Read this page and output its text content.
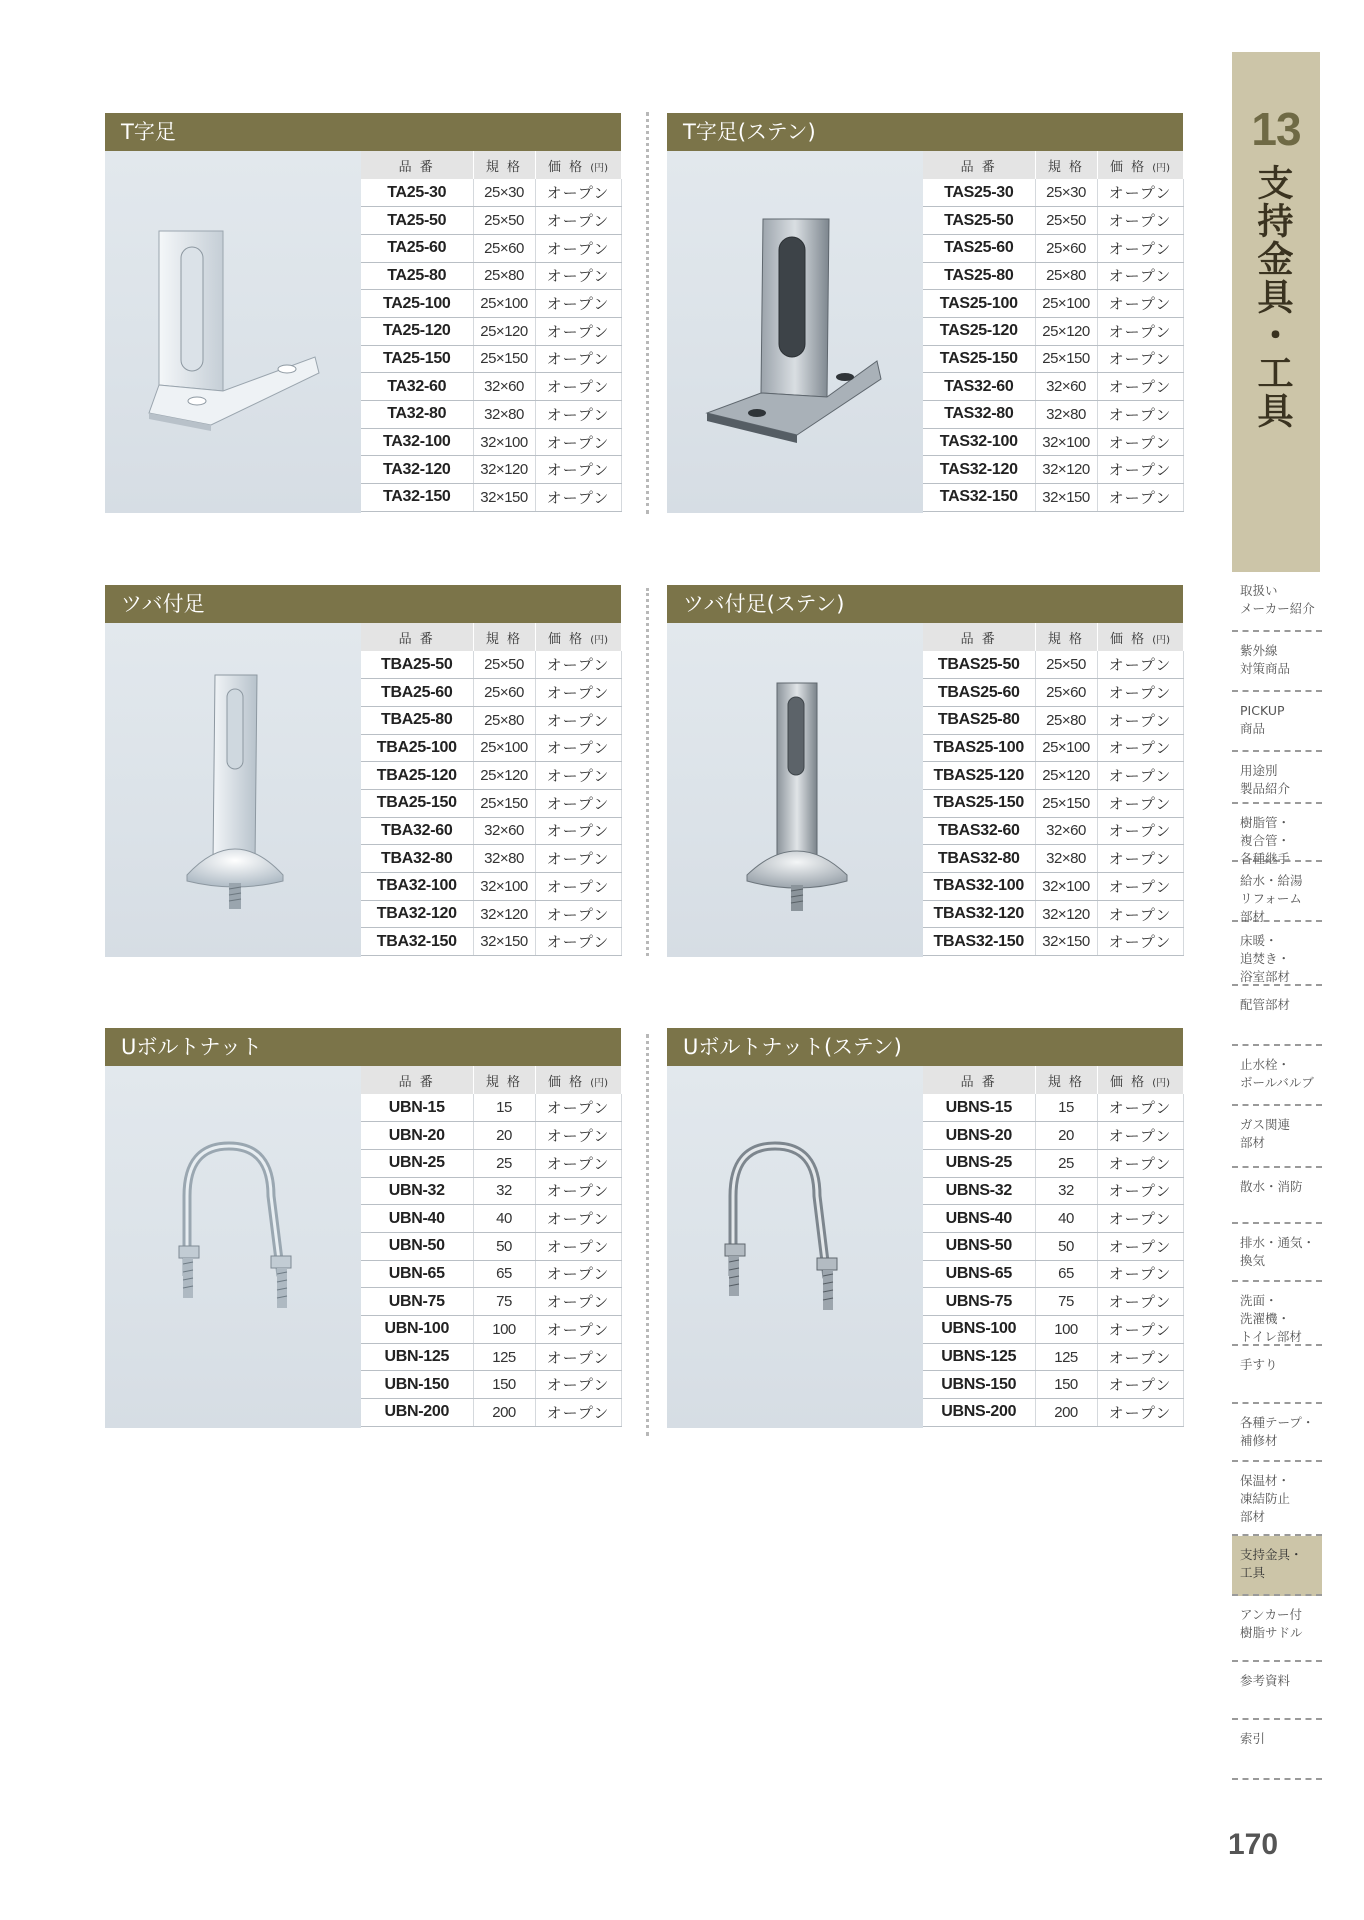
13
支持金具・工具
取扱い
メーカー紹介
紫外線
対策商品
PICKUP
商品
用途別
製品紹介
樹脂管・
複合管・
各種継手
給水・給湯
リフォーム
部材
床暖・
追焚き・
浴室部材
配管部材
止水栓・
ボールバルブ
ガス関連
部材
散水・消防
排水・通気・
換気
洗面・
洗濯機・
トイレ部材
手すり
各種テープ・
補修材
保温材・
凍結防止
部材
支持金具・
工具
アンカー付
樹脂サドル
参考資料
索引
T字足
品 番	規 格	価 格 (円)
TA25-30	25×30	オープン
TA25-50	25×50	オープン
TA25-60	25×60	オープン
TA25-80	25×80	オープン
TA25-100	25×100	オープン
TA25-120	25×120	オープン
TA25-150	25×150	オープン
TA32-60	32×60	オープン
TA32-80	32×80	オープン
TA32-100	32×100	オープン
TA32-120	32×120	オープン
TA32-150	32×150	オープン
T字足(ステン)
品 番	規 格	価 格 (円)
TAS25-30	25×30	オープン
TAS25-50	25×50	オープン
TAS25-60	25×60	オープン
TAS25-80	25×80	オープン
TAS25-100	25×100	オープン
TAS25-120	25×120	オープン
TAS25-150	25×150	オープン
TAS32-60	32×60	オープン
TAS32-80	32×80	オープン
TAS32-100	32×100	オープン
TAS32-120	32×120	オープン
TAS32-150	32×150	オープン
ツバ付足
品 番	規 格	価 格 (円)
TBA25-50	25×50	オープン
TBA25-60	25×60	オープン
TBA25-80	25×80	オープン
TBA25-100	25×100	オープン
TBA25-120	25×120	オープン
TBA25-150	25×150	オープン
TBA32-60	32×60	オープン
TBA32-80	32×80	オープン
TBA32-100	32×100	オープン
TBA32-120	32×120	オープン
TBA32-150	32×150	オープン
ツバ付足(ステン)
品 番	規 格	価 格 (円)
TBAS25-50	25×50	オープン
TBAS25-60	25×60	オープン
TBAS25-80	25×80	オープン
TBAS25-100	25×100	オープン
TBAS25-120	25×120	オープン
TBAS25-150	25×150	オープン
TBAS32-60	32×60	オープン
TBAS32-80	32×80	オープン
TBAS32-100	32×100	オープン
TBAS32-120	32×120	オープン
TBAS32-150	32×150	オープン
Uボルトナット
品 番	規 格	価 格 (円)
UBN-15	15	オープン
UBN-20	20	オープン
UBN-25	25	オープン
UBN-32	32	オープン
UBN-40	40	オープン
UBN-50	50	オープン
UBN-65	65	オープン
UBN-75	75	オープン
UBN-100	100	オープン
UBN-125	125	オープン
UBN-150	150	オープン
UBN-200	200	オープン
Uボルトナット(ステン)
品 番	規 格	価 格 (円)
UBNS-15	15	オープン
UBNS-20	20	オープン
UBNS-25	25	オープン
UBNS-32	32	オープン
UBNS-40	40	オープン
UBNS-50	50	オープン
UBNS-65	65	オープン
UBNS-75	75	オープン
UBNS-100	100	オープン
UBNS-125	125	オープン
UBNS-150	150	オープン
UBNS-200	200	オープン
170
